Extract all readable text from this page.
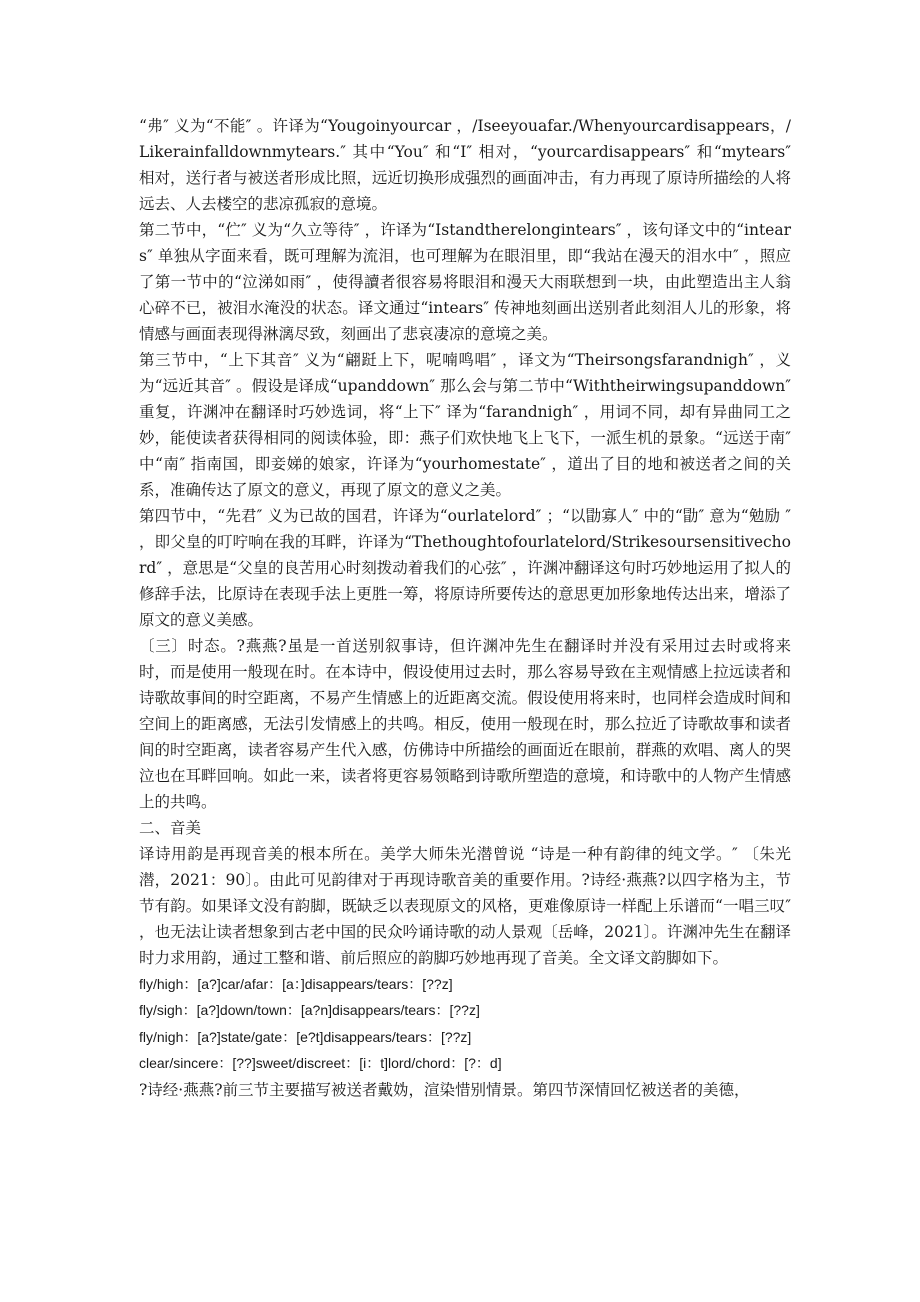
“弗″ 义为“不能″ 。许译为“Yougoinyourcar ，/Iseeyouafar./Whenyourcardisappears，/Likerainfalldownmytears.″ 其中“You″ 和“I″ 相对，“yourcardisappears″ 和“mytears″ 相对，送行者与被送者形成比照，远近切换形成强烈的画面冲击，有力再现了原诗所描绘的人将远去、人去楼空的悲凉孤寂的意境。

第二节中，“伫″ 义为“久立等待″ ，许译为“Istandtherelongintears″ ，该句译文中的“intears″ 单独从字面来看，既可理解为流泪，也可理解为在眼泪里，即“我站在漫天的泪水中″ ，照应了第一节中的“泣涕如雨″ ，使得讀者很容易将眼泪和漫天大雨联想到一块，由此塑造出主人翁心碎不已，被泪水淹没的状态。译文通过“intears″ 传神地刻画出送别者此刻泪人儿的形象，将情感与画面表现得淋漓尽致，刻画出了悲哀凄凉的意境之美。

第三节中，“上下其音″ 义为“翩跹上下，呢喃鸣唱″ ，译文为“Theirsongsfarandnigh″ ，义为“远近其音″ 。假设是译成“upanddown″ 那么会与第二节中“Withtheirwingsupanddown″ 重复，许渊冲在翻译时巧妙选词，将“上下″ 译为“farandnigh″ ，用词不同，却有异曲同工之妙，能使读者获得相同的阅读体验，即：燕子们欢快地飞上飞下，一派生机的景象。“远送于南″ 中“南″ 指南国，即妾娣的娘家，许译为“yourhomestate″ ，道出了目的地和被送者之间的关系，准确传达了原文的意义，再现了原文的意义之美。

第四节中，“先君″ 义为已故的国君，许译为“ourlatelord″ ；“以勖寡人″ 中的“勖″ 意为“勉励 ″ ，即父皇的叮咛响在我的耳畔，许译为“Thethoughtofourlatelord/Strikesoursensitivechord″ ，意思是“父皇的良苦用心时刻拨动着我们的心弦″ ，许渊冲翻译这句时巧妙地运用了拟人的修辞手法，比原诗在表现手法上更胜一筹，将原诗所要传达的意思更加形象地传达出来，增添了原文的意义美感。

〔三〕时态。?燕燕?虽是一首送别叙事诗，但许渊冲先生在翻译时并没有采用过去时或将来时，而是使用一般现在时。在本诗中，假设使用过去时，那么容易导致在主观情感上拉远读者和诗歌故事间的时空距离，不易产生情感上的近距离交流。假设使用将来时，也同样会造成时间和空间上的距离感，无法引发情感上的共鸣。相反，使用一般现在时，那么拉近了诗歌故事和读者间的时空距离，读者容易产生代入感，仿佛诗中所描绘的画面近在眼前，群燕的欢唱、离人的哭泣也在耳畔回响。如此一来，读者将更容易领略到诗歌所塑造的意境，和诗歌中的人物产生情感上的共鸣。

二、音美

译诗用韵是再现音美的根本所在。美学大师朱光潜曾说 “诗是一种有韵律的纯文学。″ 〔朱光潜，2021：90〕。由此可见韵律对于再现诗歌音美的重要作用。?诗经·燕燕?以四字格为主，节节有韵。如果译文没有韵脚，既缺乏以表现原文的风格，更难像原诗一样配上乐谱而“一唱三叹″ ，也无法让读者想象到古老中国的民众吟诵诗歌的动人景观〔岳峰，2021〕。许渊冲先生在翻译时力求用韵，通过工整和谐、前后照应的韵脚巧妙地再现了音美。全文译文韵脚如下。

fly/high：[a?]car/afar：[a：]disappears/tears：[??z]

fly/sigh：[a?]down/town：[a?n]disappears/tears：[??z]

fly/nigh：[a?]state/gate：[e?t]disappears/tears：[??z]

clear/sincere：[??]sweet/discreet：[i：t]lord/chord：[?：d]

?诗经·燕燕?前三节主要描写被送者戴妫，渲染惜别情景。第四节深情回忆被送者的美德，
